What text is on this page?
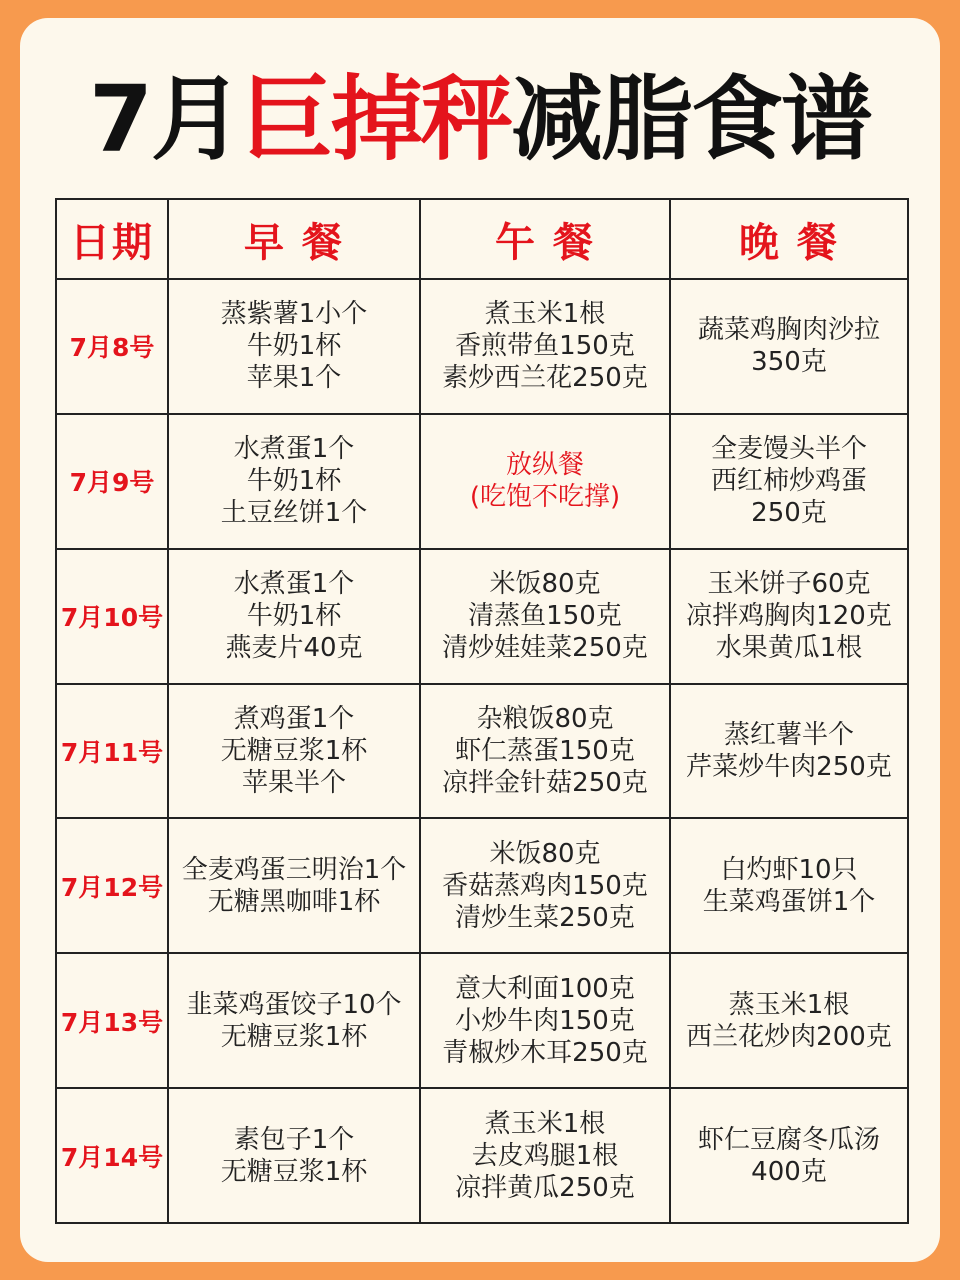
7月巨掉秤减脂食谱
日期	早 餐	午 餐	晚 餐
7月8号	蒸紫薯1小个
牛奶1杯
苹果1个	煮玉米1根
香煎带鱼150克
素炒西兰花250克	蔬菜鸡胸肉沙拉
350克

7月9号	水煮蛋1个
牛奶1杯
土豆丝饼1个	放纵餐
(吃饱不吃撑)	全麦馒头半个
西红柿炒鸡蛋
250克

7月10号	水煮蛋1个
牛奶1杯
燕麦片40克	米饭80克
清蒸鱼150克
清炒娃娃菜250克	玉米饼子60克
凉拌鸡胸肉120克
水果黄瓜1根

7月11号	煮鸡蛋1个
无糖豆浆1杯
苹果半个	杂粮饭80克
虾仁蒸蛋150克
凉拌金针菇250克	蒸红薯半个
芹菜炒牛肉250克

7月12号	全麦鸡蛋三明治1个
无糖黑咖啡1杯	米饭80克
香菇蒸鸡肉150克
清炒生菜250克	白灼虾10只
生菜鸡蛋饼1个

7月13号	韭菜鸡蛋饺子10个
无糖豆浆1杯	意大利面100克
小炒牛肉150克
青椒炒木耳250克	蒸玉米1根
西兰花炒肉200克

7月14号	素包子1个
无糖豆浆1杯	煮玉米1根
去皮鸡腿1根
凉拌黄瓜250克	虾仁豆腐冬瓜汤
400克
